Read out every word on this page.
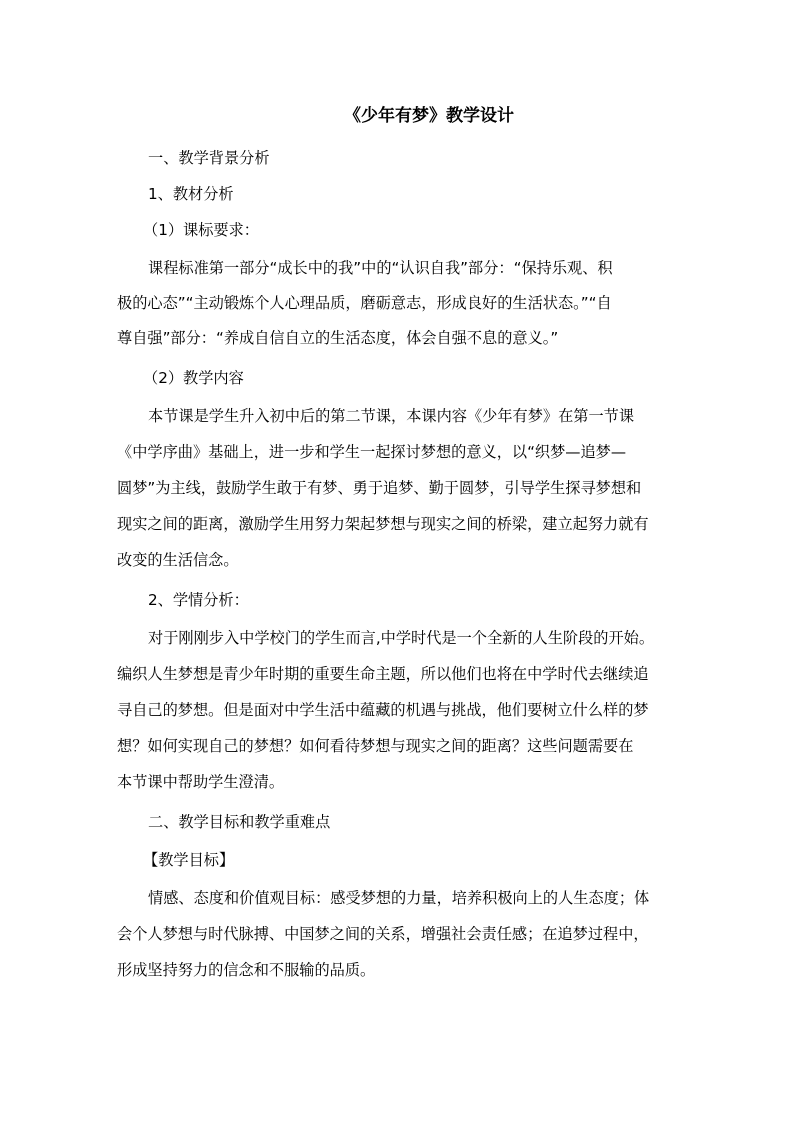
《少年有梦》教学设计
一、教学背景分析
1、教材分析
（1）课标要求：
课程标准第一部分“成长中的我”中的“认识自我”部分：“保持乐观、积
极的心态”“主动锻炼个人心理品质，磨砺意志，形成良好的生活状态。”“自
尊自强”部分：“养成自信自立的生活态度，体会自强不息的意义。”
（2）教学内容
本节课是学生升入初中后的第二节课，本课内容《少年有梦》在第一节课
《中学序曲》基础上，进一步和学生一起探讨梦想的意义，以“织梦—追梦—
圆梦”为主线，鼓励学生敢于有梦、勇于追梦、勤于圆梦，引导学生探寻梦想和
现实之间的距离，激励学生用努力架起梦想与现实之间的桥梁，建立起努力就有
改变的生活信念。
2、学情分析：
对于刚刚步入中学校门的学生而言,中学时代是一个全新的人生阶段的开始。
编织人生梦想是青少年时期的重要生命主题，所以他们也将在中学时代去继续追
寻自己的梦想。但是面对中学生活中蕴藏的机遇与挑战，他们要树立什么样的梦
想？如何实现自己的梦想？如何看待梦想与现实之间的距离？这些问题需要在
本节课中帮助学生澄清。
二、教学目标和教学重难点
【教学目标】
情感、态度和价值观目标：感受梦想的力量，培养积极向上的人生态度；体
会个人梦想与时代脉搏、中国梦之间的关系，增强社会责任感；在追梦过程中，
形成坚持努力的信念和不服输的品质。
